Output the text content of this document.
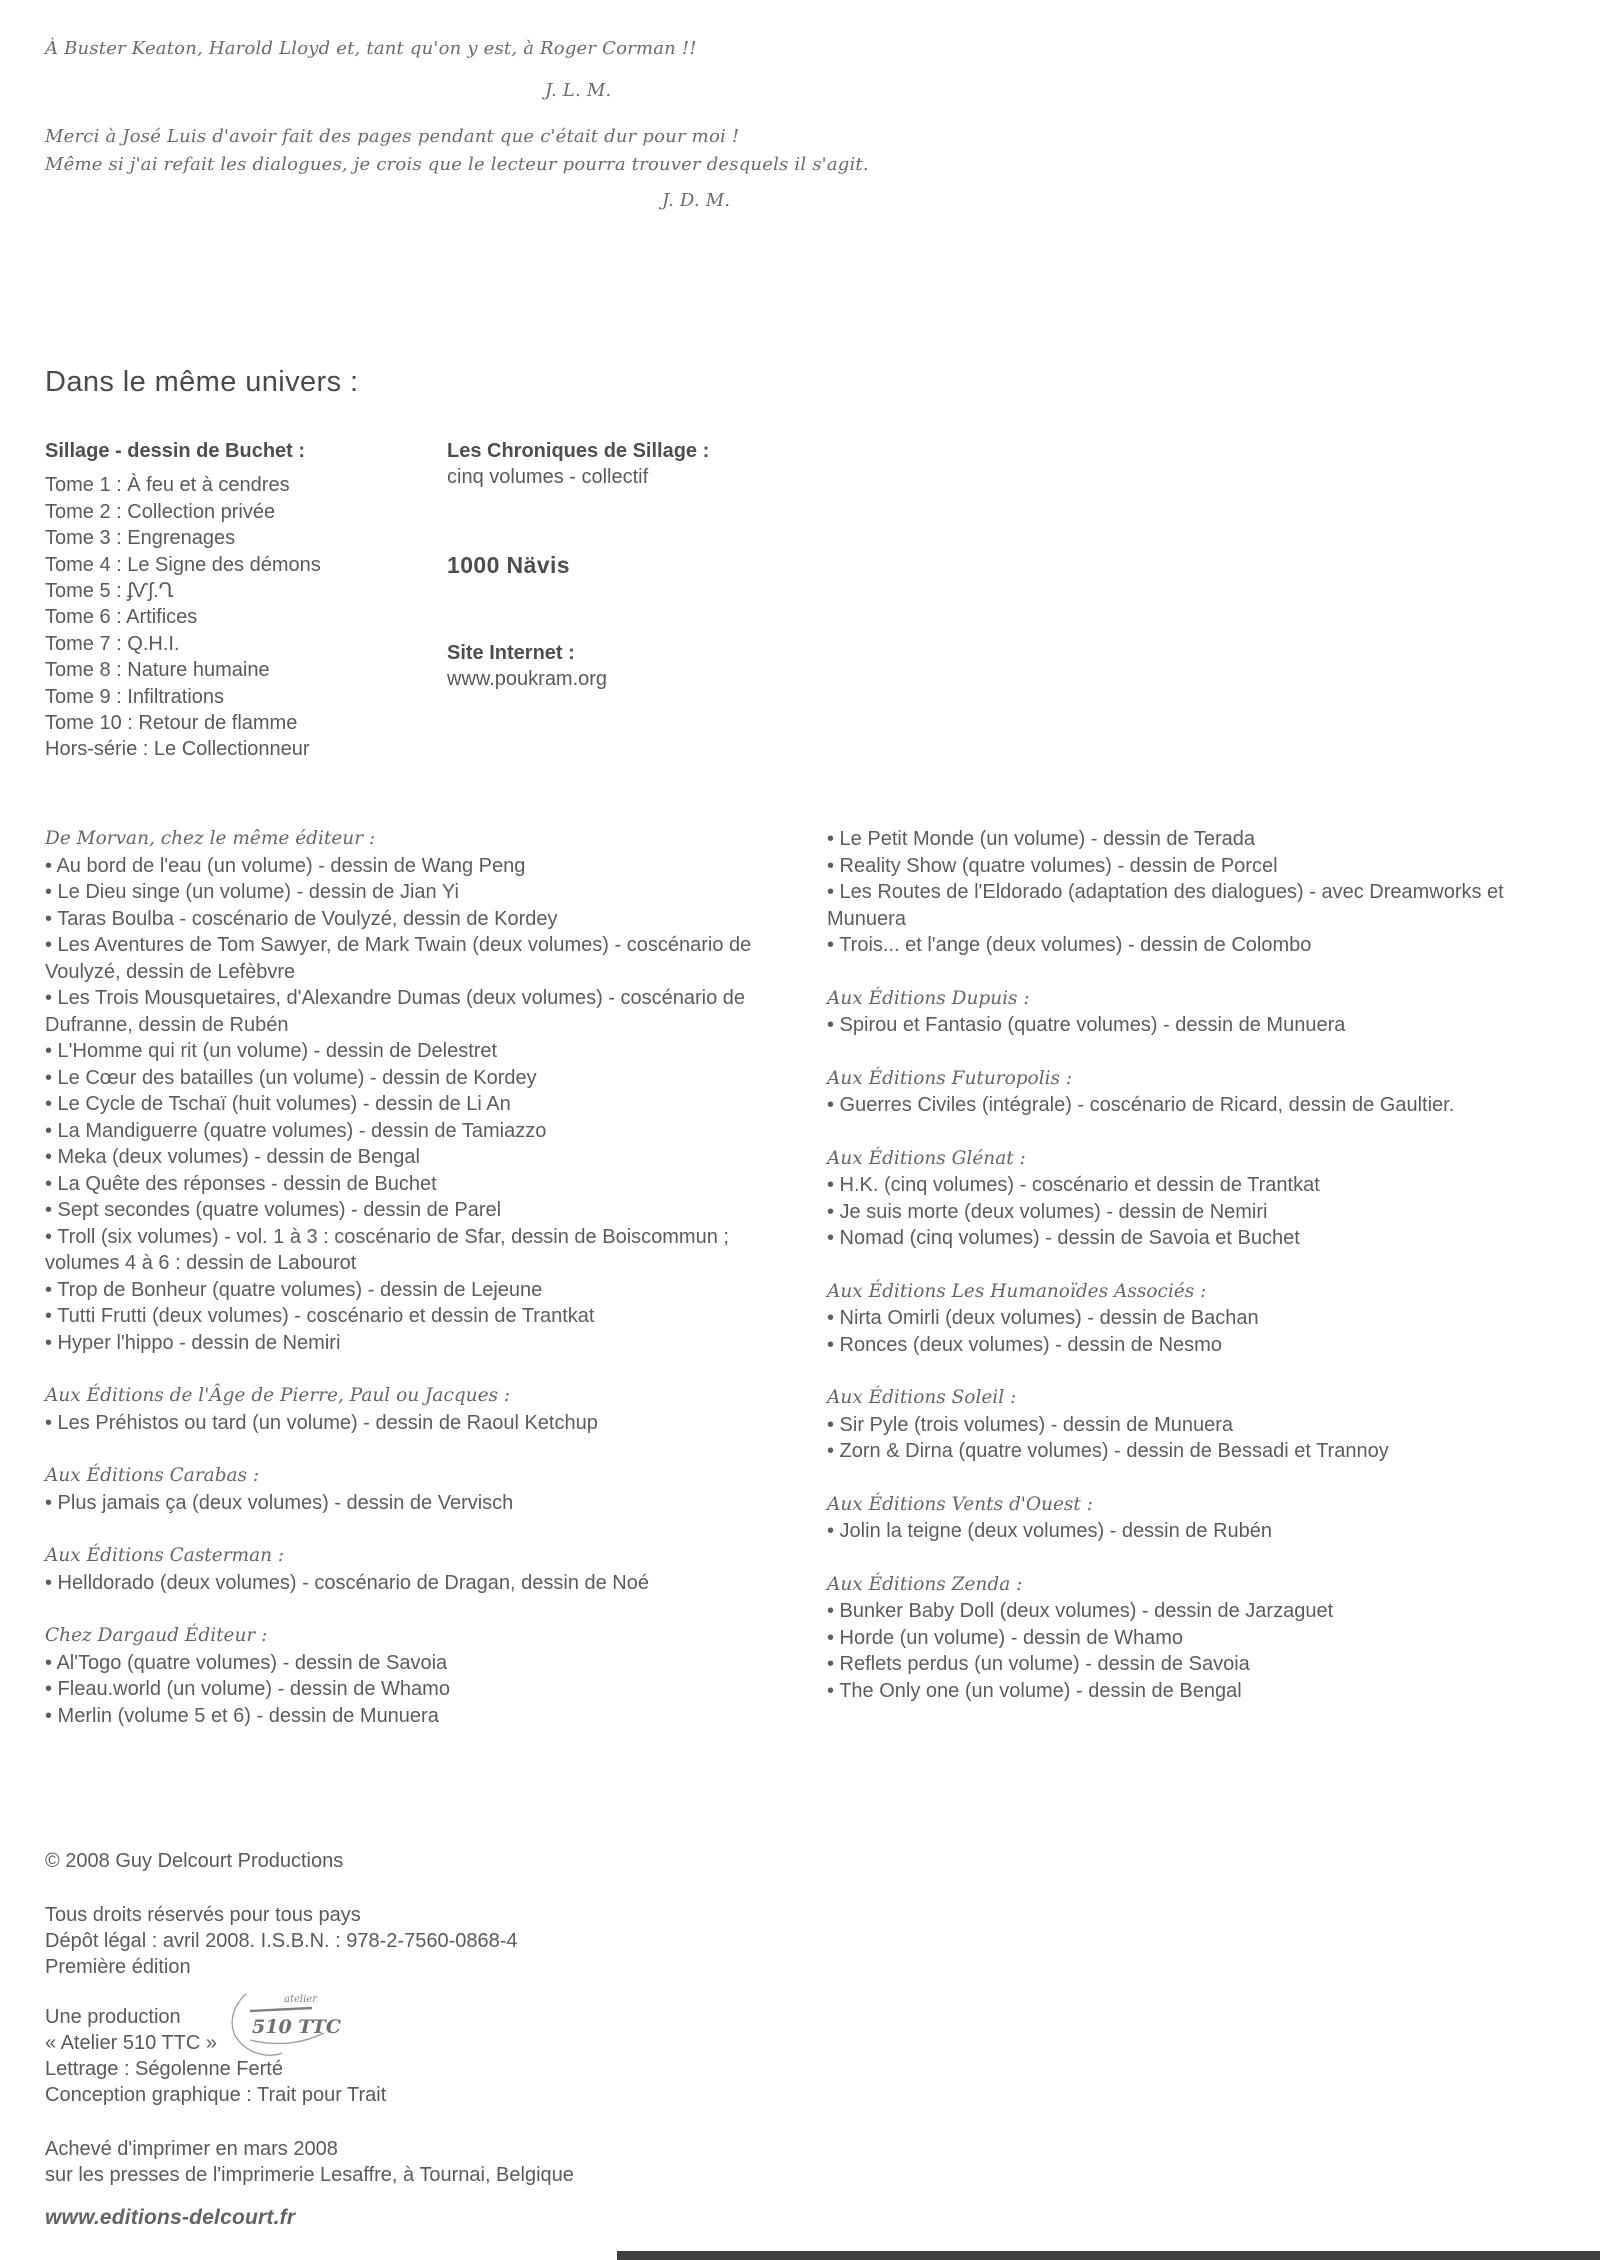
À Buster Keaton, Harold Lloyd et, tant qu'on y est, à Roger Corman !!
J. L. M.
Merci à José Luis d'avoir fait des pages pendant que c'était dur pour moi !
Même si j'ai refait les dialogues, je crois que le lecteur pourra trouver desquels il s'agit.
J. D. M.
Dans le même univers :
Sillage - dessin de Buchet :
Tome 1 : À feu et à cendres
Tome 2 : Collection privée
Tome 3 : Engrenages
Tome 4 : Le Signe des démons
Tome 5 : ʄѴʃ.Ղ
Tome 6 : Artifices
Tome 7 : Q.H.I.
Tome 8 : Nature humaine
Tome 9 : Infiltrations
Tome 10 : Retour de flamme
Hors-série : Le Collectionneur
Les Chroniques de Sillage :
cinq volumes - collectif
1000 Nävis
Site Internet :
www.poukram.org
De Morvan, chez le même éditeur :
• Au bord de l'eau (un volume) - dessin de Wang Peng
• Le Dieu singe (un volume) - dessin de Jian Yi
• Taras Boulba - coscénario de Voulyzé, dessin de Kordey
• Les Aventures de Tom Sawyer, de Mark Twain (deux volumes) - coscénario de Voulyzé, dessin de Lefèbvre
• Les Trois Mousquetaires, d'Alexandre Dumas (deux volumes) - coscénario de Dufranne, dessin de Rubén
• L'Homme qui rit (un volume) - dessin de Delestret
• Le Cœur des batailles (un volume) - dessin de Kordey
• Le Cycle de Tschaï (huit volumes) - dessin de Li An
• La Mandiguerre (quatre volumes) - dessin de Tamiazzo
• Meka (deux volumes) - dessin de Bengal
• La Quête des réponses - dessin de Buchet
• Sept secondes (quatre volumes) - dessin de Parel
• Troll (six volumes) - vol. 1 à 3 : coscénario de Sfar, dessin de Boiscommun ; volumes 4 à 6 : dessin de Labourot
• Trop de Bonheur (quatre volumes) - dessin de Lejeune
• Tutti Frutti (deux volumes) - coscénario et dessin de Trantkat
• Hyper l'hippo - dessin de Nemiri
Aux Éditions de l'Âge de Pierre, Paul ou Jacques :
• Les Préhistos ou tard (un volume) - dessin de Raoul Ketchup
Aux Éditions Carabas :
• Plus jamais ça (deux volumes) - dessin de Vervisch
Aux Éditions Casterman :
• Helldorado (deux volumes) - coscénario de Dragan, dessin de Noé
Chez Dargaud Éditeur :
• Al'Togo (quatre volumes) - dessin de Savoia
• Fleau.world (un volume) - dessin de Whamo
• Merlin (volume 5 et 6) - dessin de Munuera
• Le Petit Monde (un volume) - dessin de Terada
• Reality Show (quatre volumes) - dessin de Porcel
• Les Routes de l'Eldorado (adaptation des dialogues) - avec Dreamworks et Munuera
• Trois... et l'ange (deux volumes) - dessin de Colombo
Aux Éditions Dupuis :
• Spirou et Fantasio (quatre volumes) - dessin de Munuera
Aux Éditions Futuropolis :
• Guerres Civiles (intégrale) - coscénario de Ricard, dessin de Gaultier.
Aux Éditions Glénat :
• H.K. (cinq volumes) - coscénario et dessin de Trantkat
• Je suis morte (deux volumes) - dessin de Nemiri
• Nomad (cinq volumes) - dessin de Savoia et Buchet
Aux Éditions Les Humanoïdes Associés :
• Nirta Omirli (deux volumes) - dessin de Bachan
• Ronces (deux volumes) - dessin de Nesmo
Aux Éditions Soleil :
• Sir Pyle (trois volumes) - dessin de Munuera
• Zorn & Dirna (quatre volumes) - dessin de Bessadi et Trannoy
Aux Éditions Vents d'Ouest :
• Jolin la teigne (deux volumes) - dessin de Rubén
Aux Éditions Zenda :
• Bunker Baby Doll (deux volumes) - dessin de Jarzaguet
• Horde (un volume) - dessin de Whamo
• Reflets perdus (un volume) - dessin de Savoia
• The Only one (un volume) - dessin de Bengal
© 2008 Guy Delcourt Productions
Tous droits réservés pour tous pays
Dépôt légal : avril 2008. I.S.B.N. : 978-2-7560-0868-4
Première édition
Une production
« Atelier 510 TTC »
Lettrage : Ségolenne Ferté
Conception graphique : Trait pour Trait
atelier
510 TTC
Achevé d'imprimer en mars 2008
sur les presses de l'imprimerie Lesaffre, à Tournai, Belgique
www.editions-delcourt.fr
